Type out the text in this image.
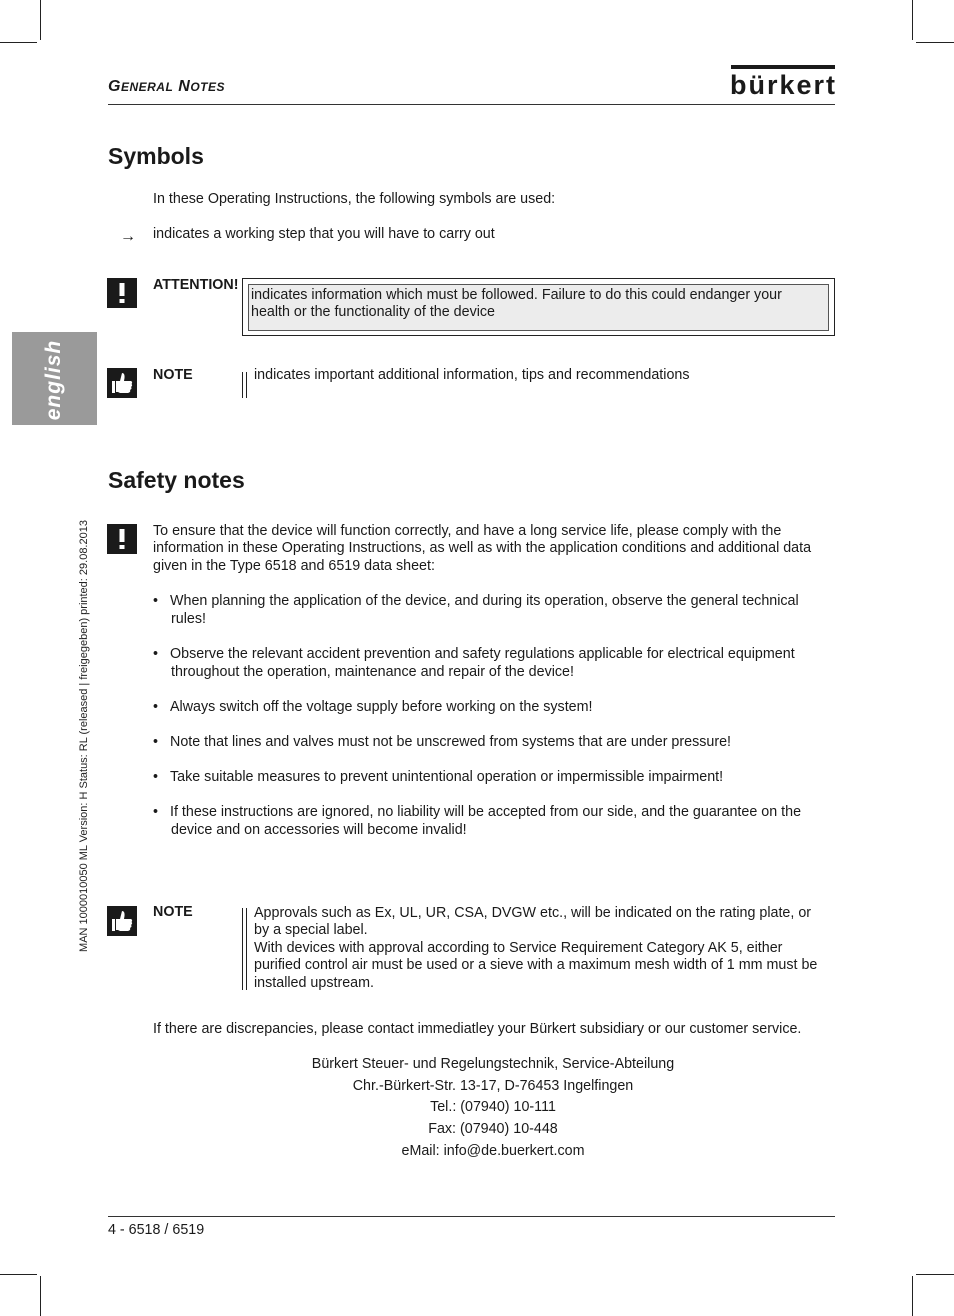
GENERAL NOTES	bürkert
english
MAN 1000010050 ML Version: H Status: RL (released | freigegeben) printed: 29.08.2013
Symbols
In these Operating Instructions, the following symbols are used:
→ indicates a working step that you will have to carry out
ATTENTION!
indicates information which must be followed. Failure to do this could endanger your
health or the functionality of the device
NOTE	indicates important additional information, tips and recommendations
Safety notes
To ensure that the device will function correctly, and have a long service life, please comply with the
information in these Operating Instructions, as well as with the application conditions and additional data
given in the Type 6518 and 6519 data sheet:
• When planning the application of the device, and during its operation, observe the general technical
rules!
• Observe the relevant accident prevention and safety regulations applicable for electrical equipment
throughout the operation, maintenance and repair of the device!
• Always switch off the voltage supply before working on the system!
• Note that lines and valves must not be unscrewed from systems that are under pressure!
• Take suitable measures to prevent unintentional operation or impermissible impairment!
• If these instructions are ignored, no liability will be accepted from our side, and the guarantee on the
device and on accessories will become invalid!
NOTE	Approvals such as Ex, UL, UR, CSA, DVGW etc., will be indicated on the rating plate, or
by a special label.
With devices with approval according to Service Requirement Category AK 5, either
purified control air must be used or a sieve with a maximum mesh width of 1 mm must be
installed upstream.
If there are discrepancies, please contact immediatley your Bürkert subsidiary or our customer service.
Bürkert Steuer- und Regelungstechnik, Service-Abteilung
Chr.-Bürkert-Str. 13-17, D-76453 Ingelfingen
Tel.: (07940) 10-111
Fax: (07940) 10-448
eMail: info@de.buerkert.com
4 - 6518 / 6519
